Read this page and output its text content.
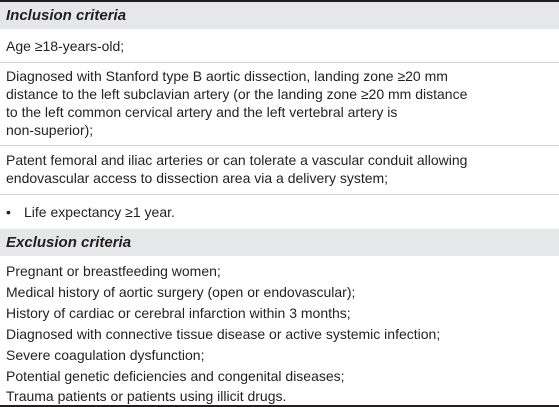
Inclusion criteria
Age ≥18-years-old;
Diagnosed with Stanford type B aortic dissection, landing zone ≥20 mm
distance to the left subclavian artery (or the landing zone ≥20 mm distance
to the left common cervical artery and the left vertebral artery is
non-superior);
Patent femoral and iliac arteries or can tolerate a vascular conduit allowing
endovascular access to dissection area via a delivery system;
• Life expectancy ≥1 year.
Exclusion criteria
Pregnant or breastfeeding women;
Medical history of aortic surgery (open or endovascular);
History of cardiac or cerebral infarction within 3 months;
Diagnosed with connective tissue disease or active systemic infection;
Severe coagulation dysfunction;
Potential genetic deficiencies and congenital diseases;
Trauma patients or patients using illicit drugs.
